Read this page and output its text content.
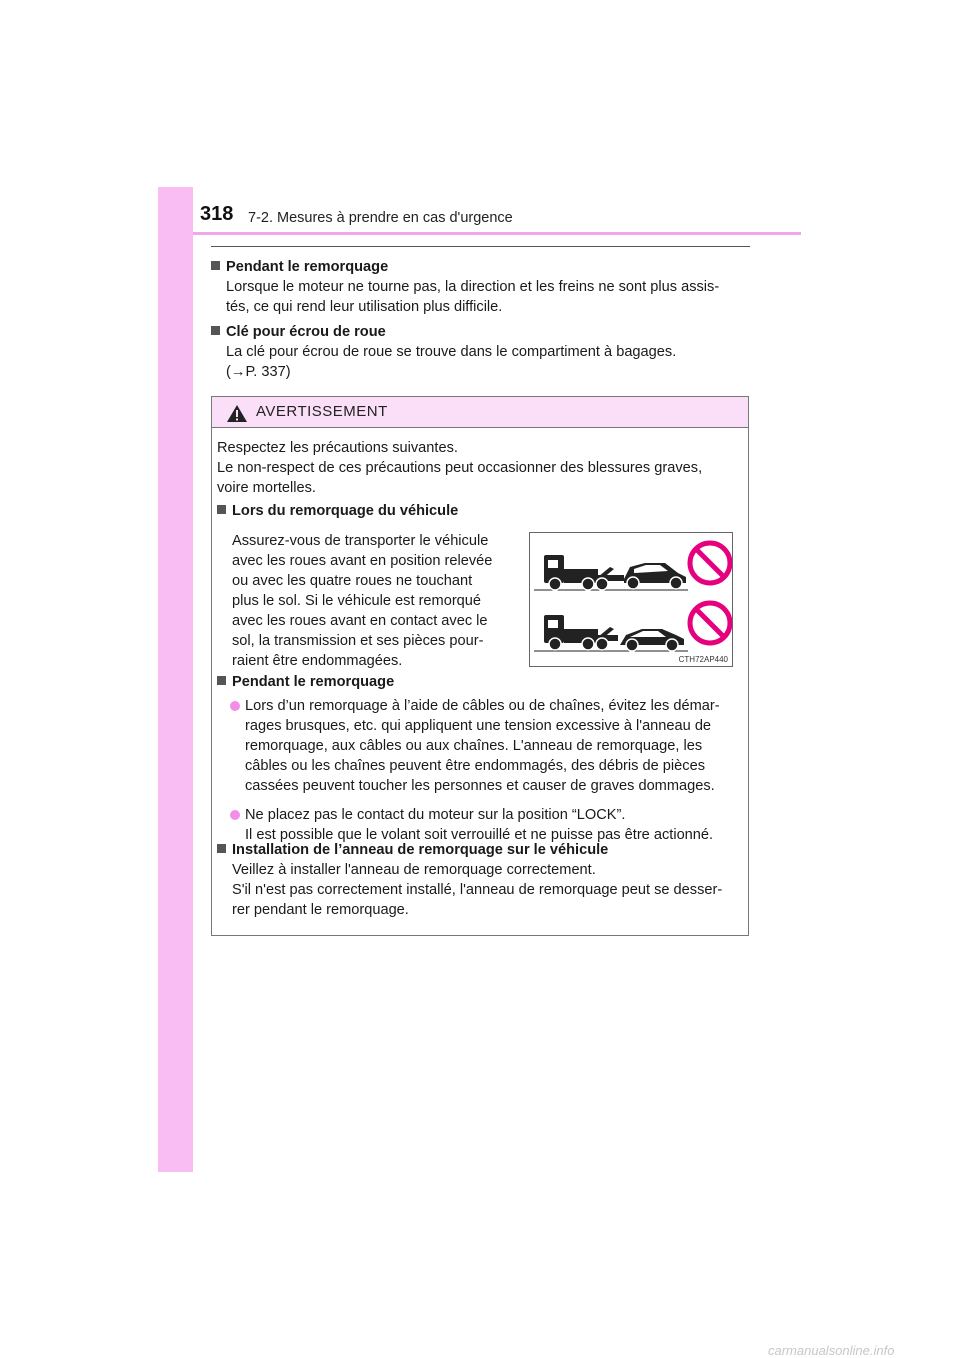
318 7-2. Mesures à prendre en cas d'urgence
Pendant le remorquage
Lorsque le moteur ne tourne pas, la direction et les freins ne sont plus assis-
tés, ce qui rend leur utilisation plus difficile.
Clé pour écrou de roue
La clé pour écrou de roue se trouve dans le compartiment à bagages.
(→P. 337)
AVERTISSEMENT
Respectez les précautions suivantes.
Le non-respect de ces précautions peut occasionner des blessures graves,
voire mortelles.
Lors du remorquage du véhicule
Assurez-vous de transporter le véhicule
avec les roues avant en position relevée
ou avec les quatre roues ne touchant
plus le sol. Si le véhicule est remorqué
avec les roues avant en contact avec le
sol, la transmission et ses pièces pour-
raient être endommagées.	CTH72AP440
Pendant le remorquage
Lors d’un remorquage à l’aide de câbles ou de chaînes, évitez les démar-
rages brusques, etc. qui appliquent une tension excessive à l'anneau de
remorquage, aux câbles ou aux chaînes. L'anneau de remorquage, les
câbles ou les chaînes peuvent être endommagés, des débris de pièces
cassées peuvent toucher les personnes et causer de graves dommages.
Ne placez pas le contact du moteur sur la position “LOCK”.
Il est possible que le volant soit verrouillé et ne puisse pas être actionné.
Installation de l’anneau de remorquage sur le véhicule
Veillez à installer l'anneau de remorquage correctement.
S'il n'est pas correctement installé, l'anneau de remorquage peut se desser-
rer pendant le remorquage.
carmanualsonline.info
